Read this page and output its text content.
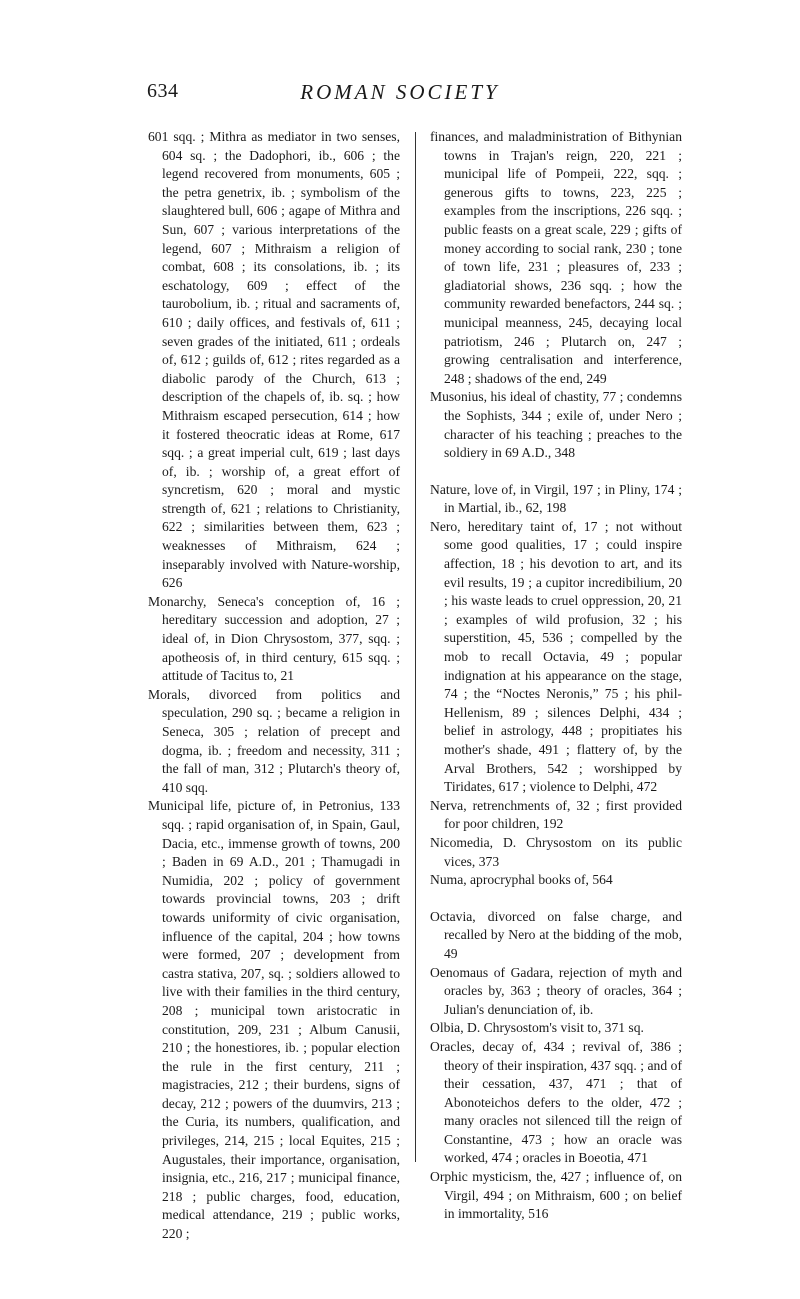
634	ROMAN SOCIETY

601 sqq. ; Mithra as mediator in two senses, 604 sq. ; the Dadophori, ib., 606 ; the legend recovered from monuments, 605 ; the petra genetrix, ib. ; symbolism of the slaughtered bull, 606 ; agape of Mithra and Sun, 607 ; various interpretations of the legend, 607 ; Mithraism a religion of combat, 608 ; its consolations, ib. ; its eschatology, 609 ; effect of the taurobolium, ib. ; ritual and sacraments of, 610 ; daily offices, and festivals of, 611 ; seven grades of the initiated, 611 ; ordeals of, 612 ; guilds of, 612 ; rites regarded as a diabolic parody of the Church, 613 ; description of the chapels of, ib. sq. ; how Mithraism escaped persecution, 614 ; how it fostered theocratic ideas at Rome, 617 sqq. ; a great imperial cult, 619 ; last days of, ib. ; worship of, a great effort of syncretism, 620 ; moral and mystic strength of, 621 ; relations to Christianity, 622 ; similarities between them, 623 ; weaknesses of Mithraism, 624 ; inseparably involved with Nature-worship, 626

Monarchy, Seneca's conception of, 16 ; hereditary succession and adoption, 27 ; ideal of, in Dion Chrysostom, 377, sqq. ; apotheosis of, in third century, 615 sqq. ; attitude of Tacitus to, 21

Morals, divorced from politics and speculation, 290 sq. ; became a religion in Seneca, 305 ; relation of precept and dogma, ib. ; freedom and necessity, 311 ; the fall of man, 312 ; Plutarch's theory of, 410 sqq.

Municipal life, picture of, in Petronius, 133 sqq. ; rapid organisation of, in Spain, Gaul, Dacia, etc., immense growth of towns, 200 ; Baden in 69 A.D., 201 ; Thamugadi in Numidia, 202 ; policy of government towards provincial towns, 203 ; drift towards uniformity of civic organisation, influence of the capital, 204 ; how towns were formed, 207 ; development from castra stativa, 207, sq. ; soldiers allowed to live with their families in the third century, 208 ; municipal town aristocratic in constitution, 209, 231 ; Album Canusii, 210 ; the honestiores, ib. ; popular election the rule in the first century, 211 ; magistracies, 212 ; their burdens, signs of decay, 212 ; powers of the duumvirs, 213 ; the Curia, its numbers, qualification, and privileges, 214, 215 ; local Equites, 215 ; Augustales, their importance, organisation, insignia, etc., 216, 217 ; municipal finance, 218 ; public charges, food, education, medical attendance, 219 ; public works, 220 ;

finances, and maladministration of Bithynian towns in Trajan's reign, 220, 221 ; municipal life of Pompeii, 222, sqq. ; generous gifts to towns, 223, 225 ; examples from the inscriptions, 226 sqq. ; public feasts on a great scale, 229 ; gifts of money according to social rank, 230 ; tone of town life, 231 ; pleasures of, 233 ; gladiatorial shows, 236 sqq. ; how the community rewarded benefactors, 244 sq. ; municipal meanness, 245, decaying local patriotism, 246 ; Plutarch on, 247 ; growing centralisation and interference, 248 ; shadows of the end, 249

Musonius, his ideal of chastity, 77 ; condemns the Sophists, 344 ; exile of, under Nero ; character of his teaching ; preaches to the soldiery in 69 A.D., 348

Nature, love of, in Virgil, 197 ; in Pliny, 174 ; in Martial, ib., 62, 198

Nero, hereditary taint of, 17 ; not without some good qualities, 17 ; could inspire affection, 18 ; his devotion to art, and its evil results, 19 ; a cupitor incredibilium, 20 ; his waste leads to cruel oppression, 20, 21 ; examples of wild profusion, 32 ; his superstition, 45, 536 ; compelled by the mob to recall Octavia, 49 ; popular indignation at his appearance on the stage, 74 ; the “Noctes Neronis,” 75 ; his phil-Hellenism, 89 ; silences Delphi, 434 ; belief in astrology, 448 ; propitiates his mother's shade, 491 ; flattery of, by the Arval Brothers, 542 ; worshipped by Tiridates, 617 ; violence to Delphi, 472

Nerva, retrenchments of, 32 ; first provided for poor children, 192

Nicomedia, D. Chrysostom on its public vices, 373

Numa, aprocryphal books of, 564

Octavia, divorced on false charge, and recalled by Nero at the bidding of the mob, 49

Oenomaus of Gadara, rejection of myth and oracles by, 363 ; theory of oracles, 364 ; Julian's denunciation of, ib.

Olbia, D. Chrysostom's visit to, 371 sq.

Oracles, decay of, 434 ; revival of, 386 ; theory of their inspiration, 437 sqq. ; and of their cessation, 437, 471 ; that of Abonoteichos defers to the older, 472 ; many oracles not silenced till the reign of Constantine, 473 ; how an oracle was worked, 474 ; oracles in Boeotia, 471

Orphic mysticism, the, 427 ; influence of, on Virgil, 494 ; on Mithraism, 600 ; on belief in immortality, 516
